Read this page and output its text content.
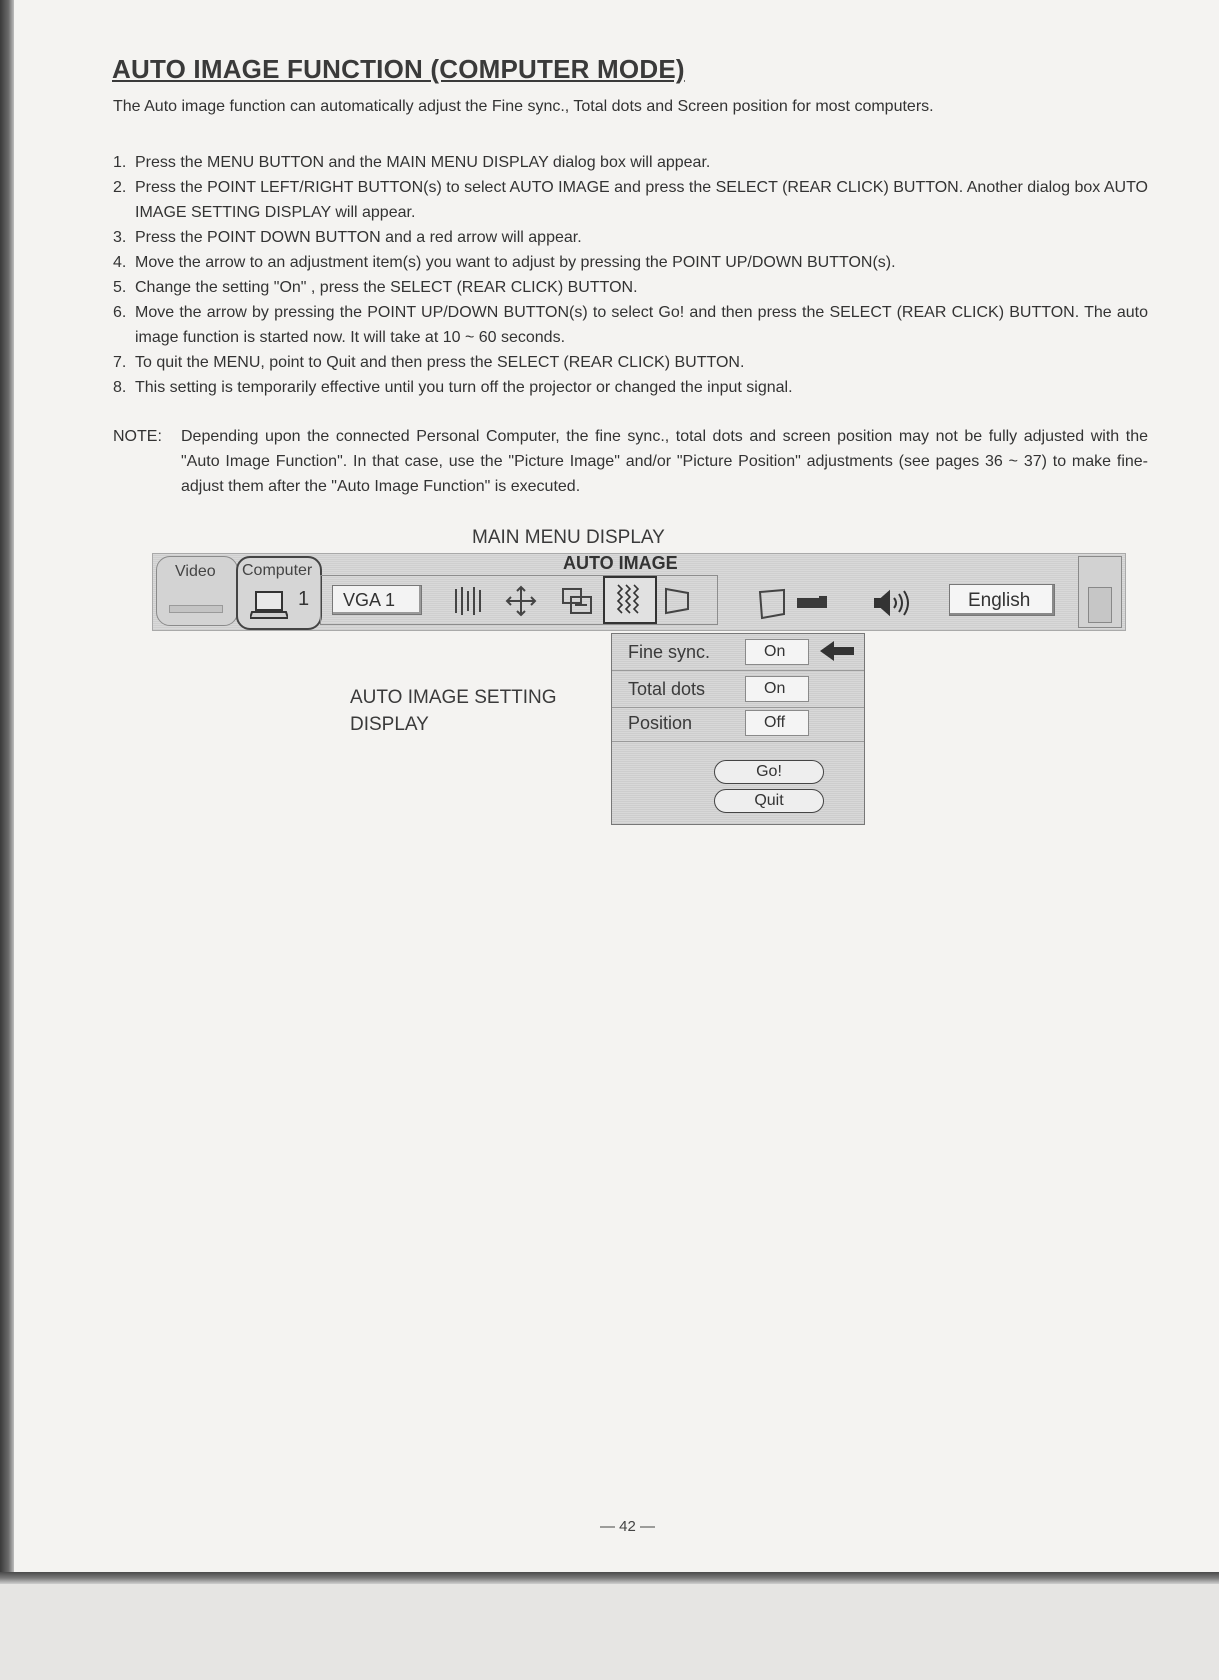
AUTO IMAGE FUNCTION (COMPUTER MODE)

The Auto image function can automatically adjust the Fine sync., Total dots and Screen position for most computers.

1. Press the MENU BUTTON and the MAIN MENU DISPLAY dialog box will appear.
2. Press the POINT LEFT/RIGHT BUTTON(s) to select AUTO IMAGE and press the SELECT (REAR CLICK) BUTTON. Another dialog box AUTO IMAGE SETTING DISPLAY will appear.
3. Press the POINT DOWN BUTTON and a red arrow will appear.
4. Move the arrow to an adjustment item(s) you want to adjust by pressing the POINT UP/DOWN BUTTON(s).
5. Change the setting "On" , press the SELECT (REAR CLICK) BUTTON.
6. Move the arrow by pressing the POINT UP/DOWN BUTTON(s) to select Go! and then press the SELECT (REAR CLICK) BUTTON. The auto image function is started now. It will take at 10 ~ 60 seconds.
7. To quit the MENU, point to Quit and then press the SELECT (REAR CLICK) BUTTON.
8. This setting is temporarily effective until you turn off the projector or changed the input signal.
NOTE: Depending upon the connected Personal Computer, the fine sync., total dots and screen position may not be fully adjusted with the "Auto Image Function". In that case, use the "Picture Image" and/or "Picture Position" adjustments (see pages 36 ~ 37) to make fine-adjust them after the "Auto Image Function" is executed.
MAIN MENU DISPLAY
AUTO IMAGE
Video Computer
1 VGA 1	English
AUTO IMAGE SETTING
DISPLAY
Fine sync.	On
Total dots	On
Position	Off
Go!
Quit
— 42 —
